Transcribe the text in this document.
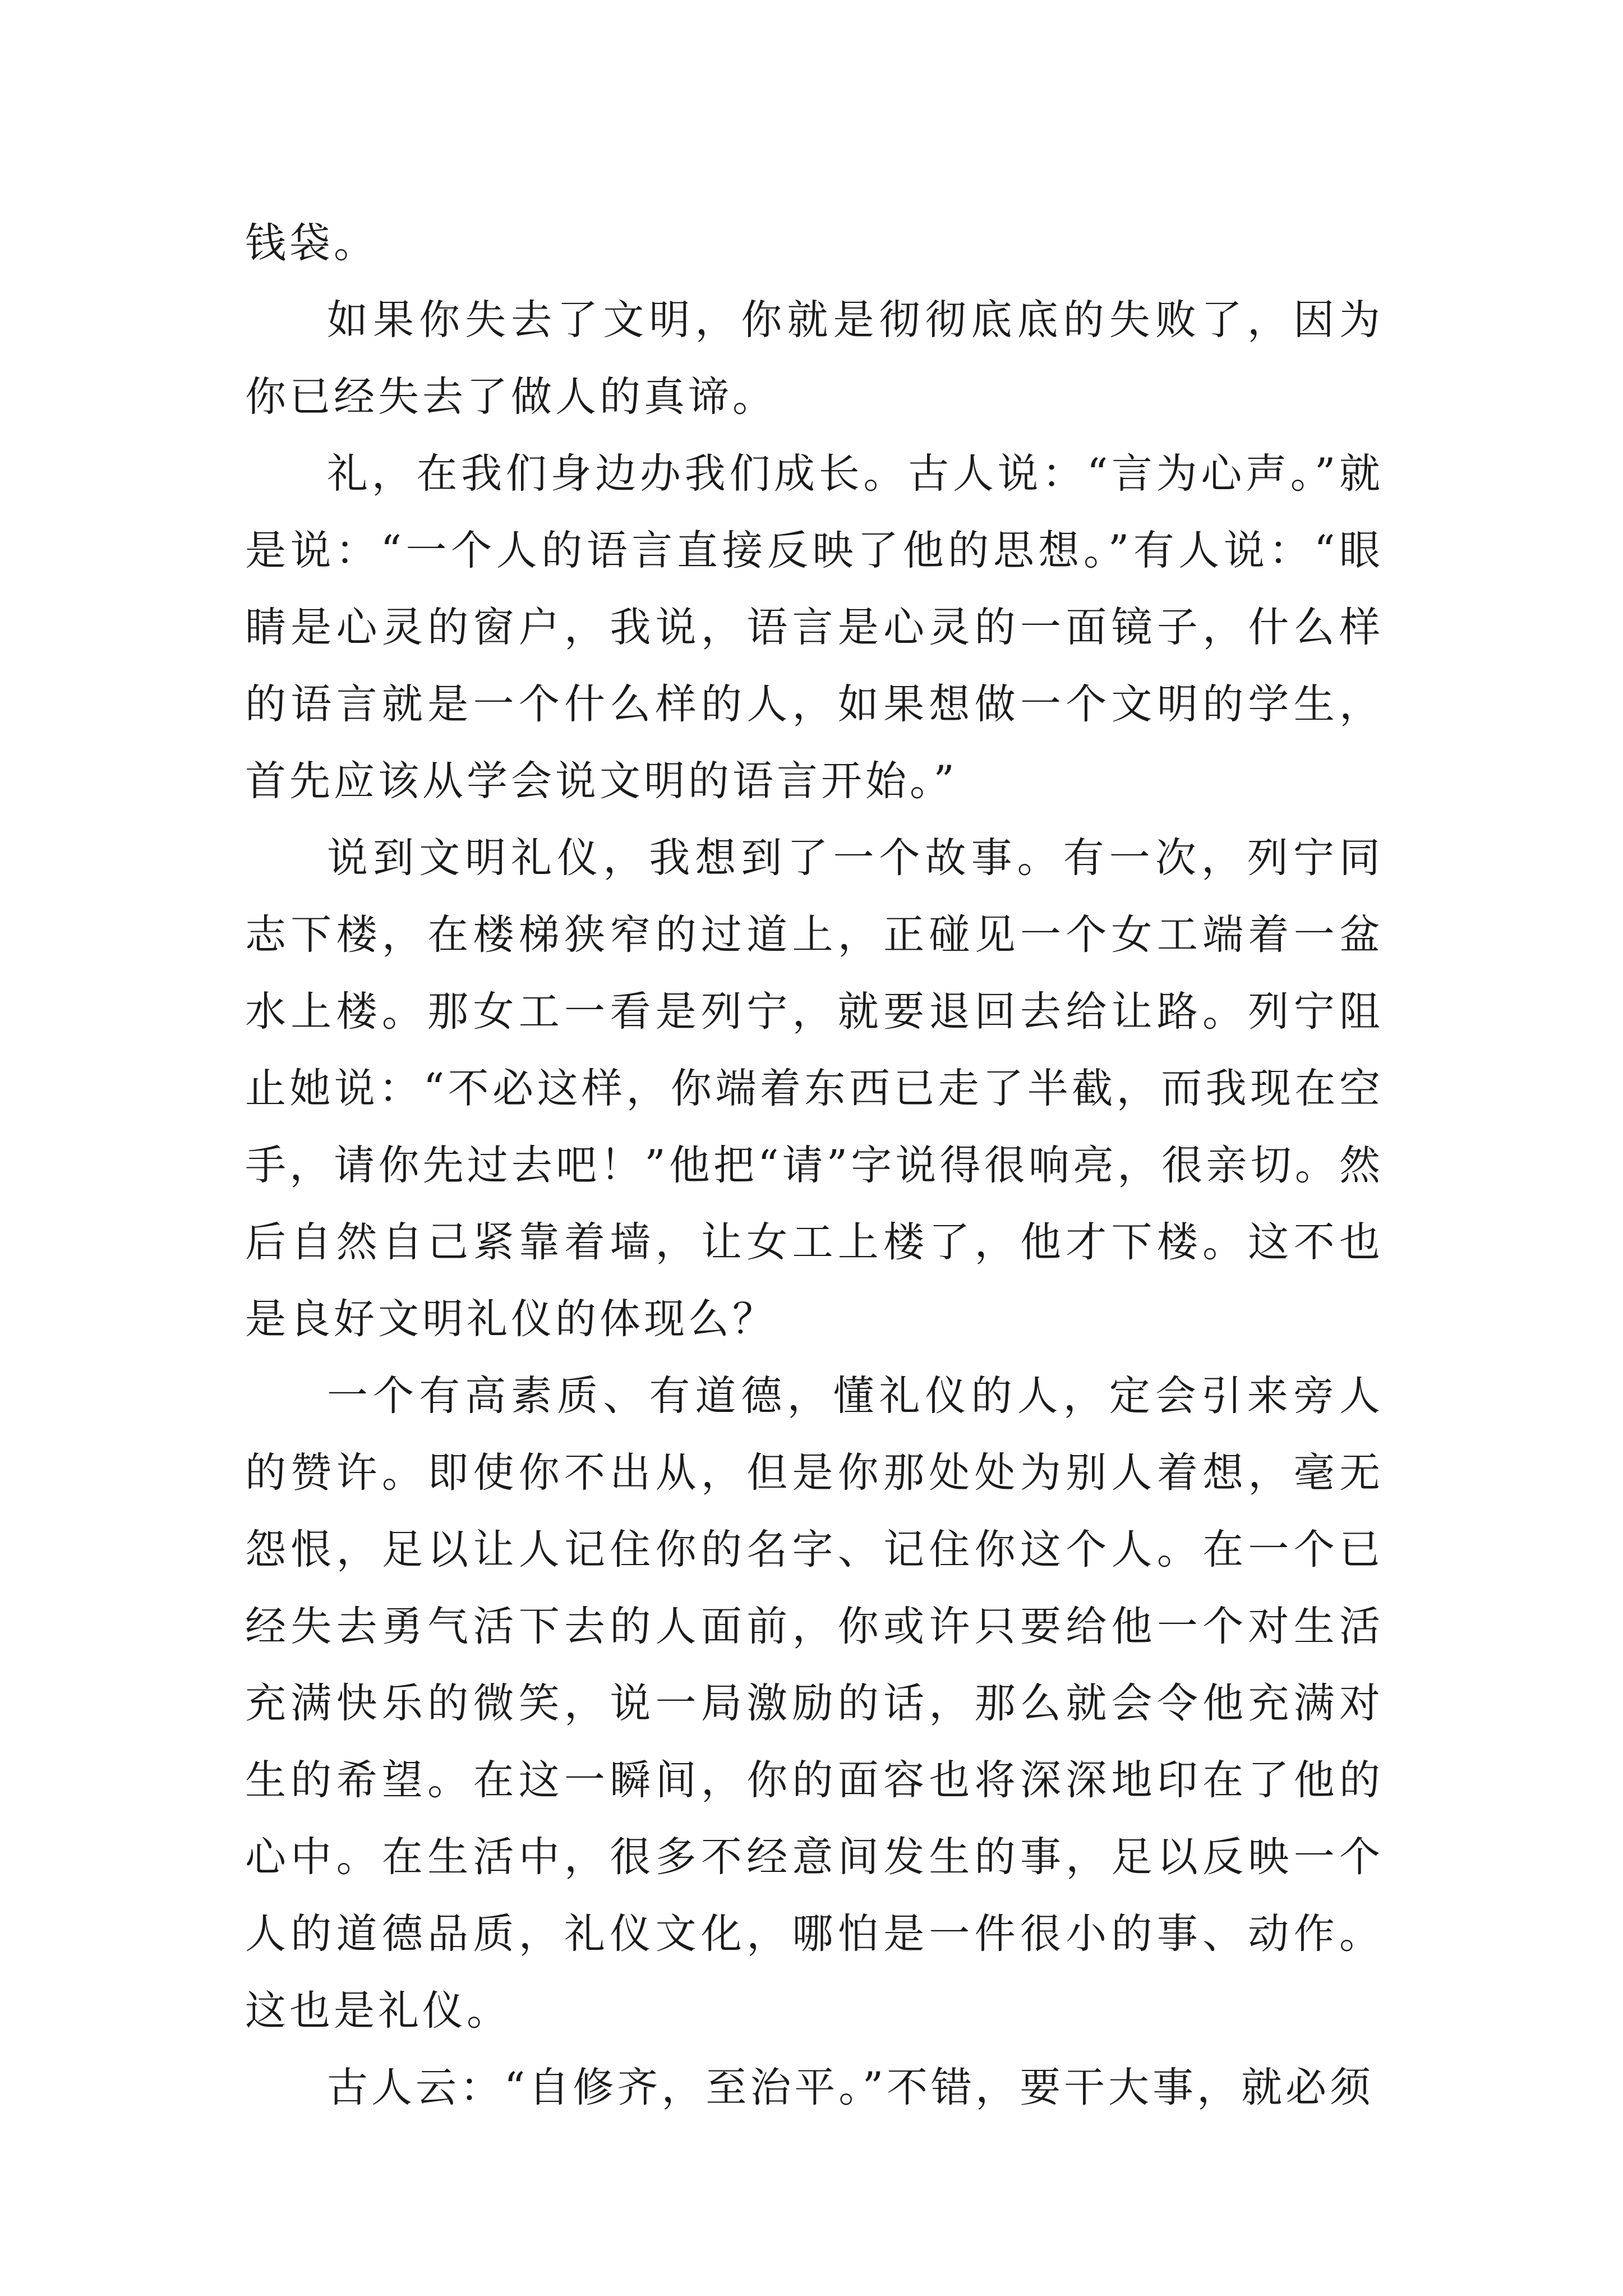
钱袋。

如果你失去了文明，你就是彻彻底底的失败了，因为你已经失去了做人的真谛。

礼，在我们身边办我们成长。古人说：“言为心声。”就是说：“一个人的语言直接反映了他的思想。”有人说：“眼睛是心灵的窗户，我说，语言是心灵的一面镜子，什么样的语言就是一个什么样的人，如果想做一个文明的学生，首先应该从学会说文明的语言开始。”

说到文明礼仪，我想到了一个故事。有一次，列宁同志下楼，在楼梯狭窄的过道上，正碰见一个女工端着一盆水上楼。那女工一看是列宁，就要退回去给让路。列宁阻止她说：“不必这样，你端着东西已走了半截，而我现在空手，请你先过去吧！”他把“请”字说得很响亮，很亲切。然后自然自己紧靠着墙，让女工上楼了，他才下楼。这不也是良好文明礼仪的体现么？

一个有高素质、有道德，懂礼仪的人，定会引来旁人的赞许。即使你不出从，但是你那处处为别人着想，毫无怨恨，足以让人记住你的名字、记住你这个人。在一个已经失去勇气活下去的人面前，你或许只要给他一个对生活充满快乐的微笑，说一局激励的话，那么就会令他充满对生的希望。在这一瞬间，你的面容也将深深地印在了他的心中。在生活中，很多不经意间发生的事，足以反映一个人的道德品质，礼仪文化，哪怕是一件很小的事、动作。这也是礼仪。

古人云：“自修齐，至治平。”不错，要干大事，就必须
